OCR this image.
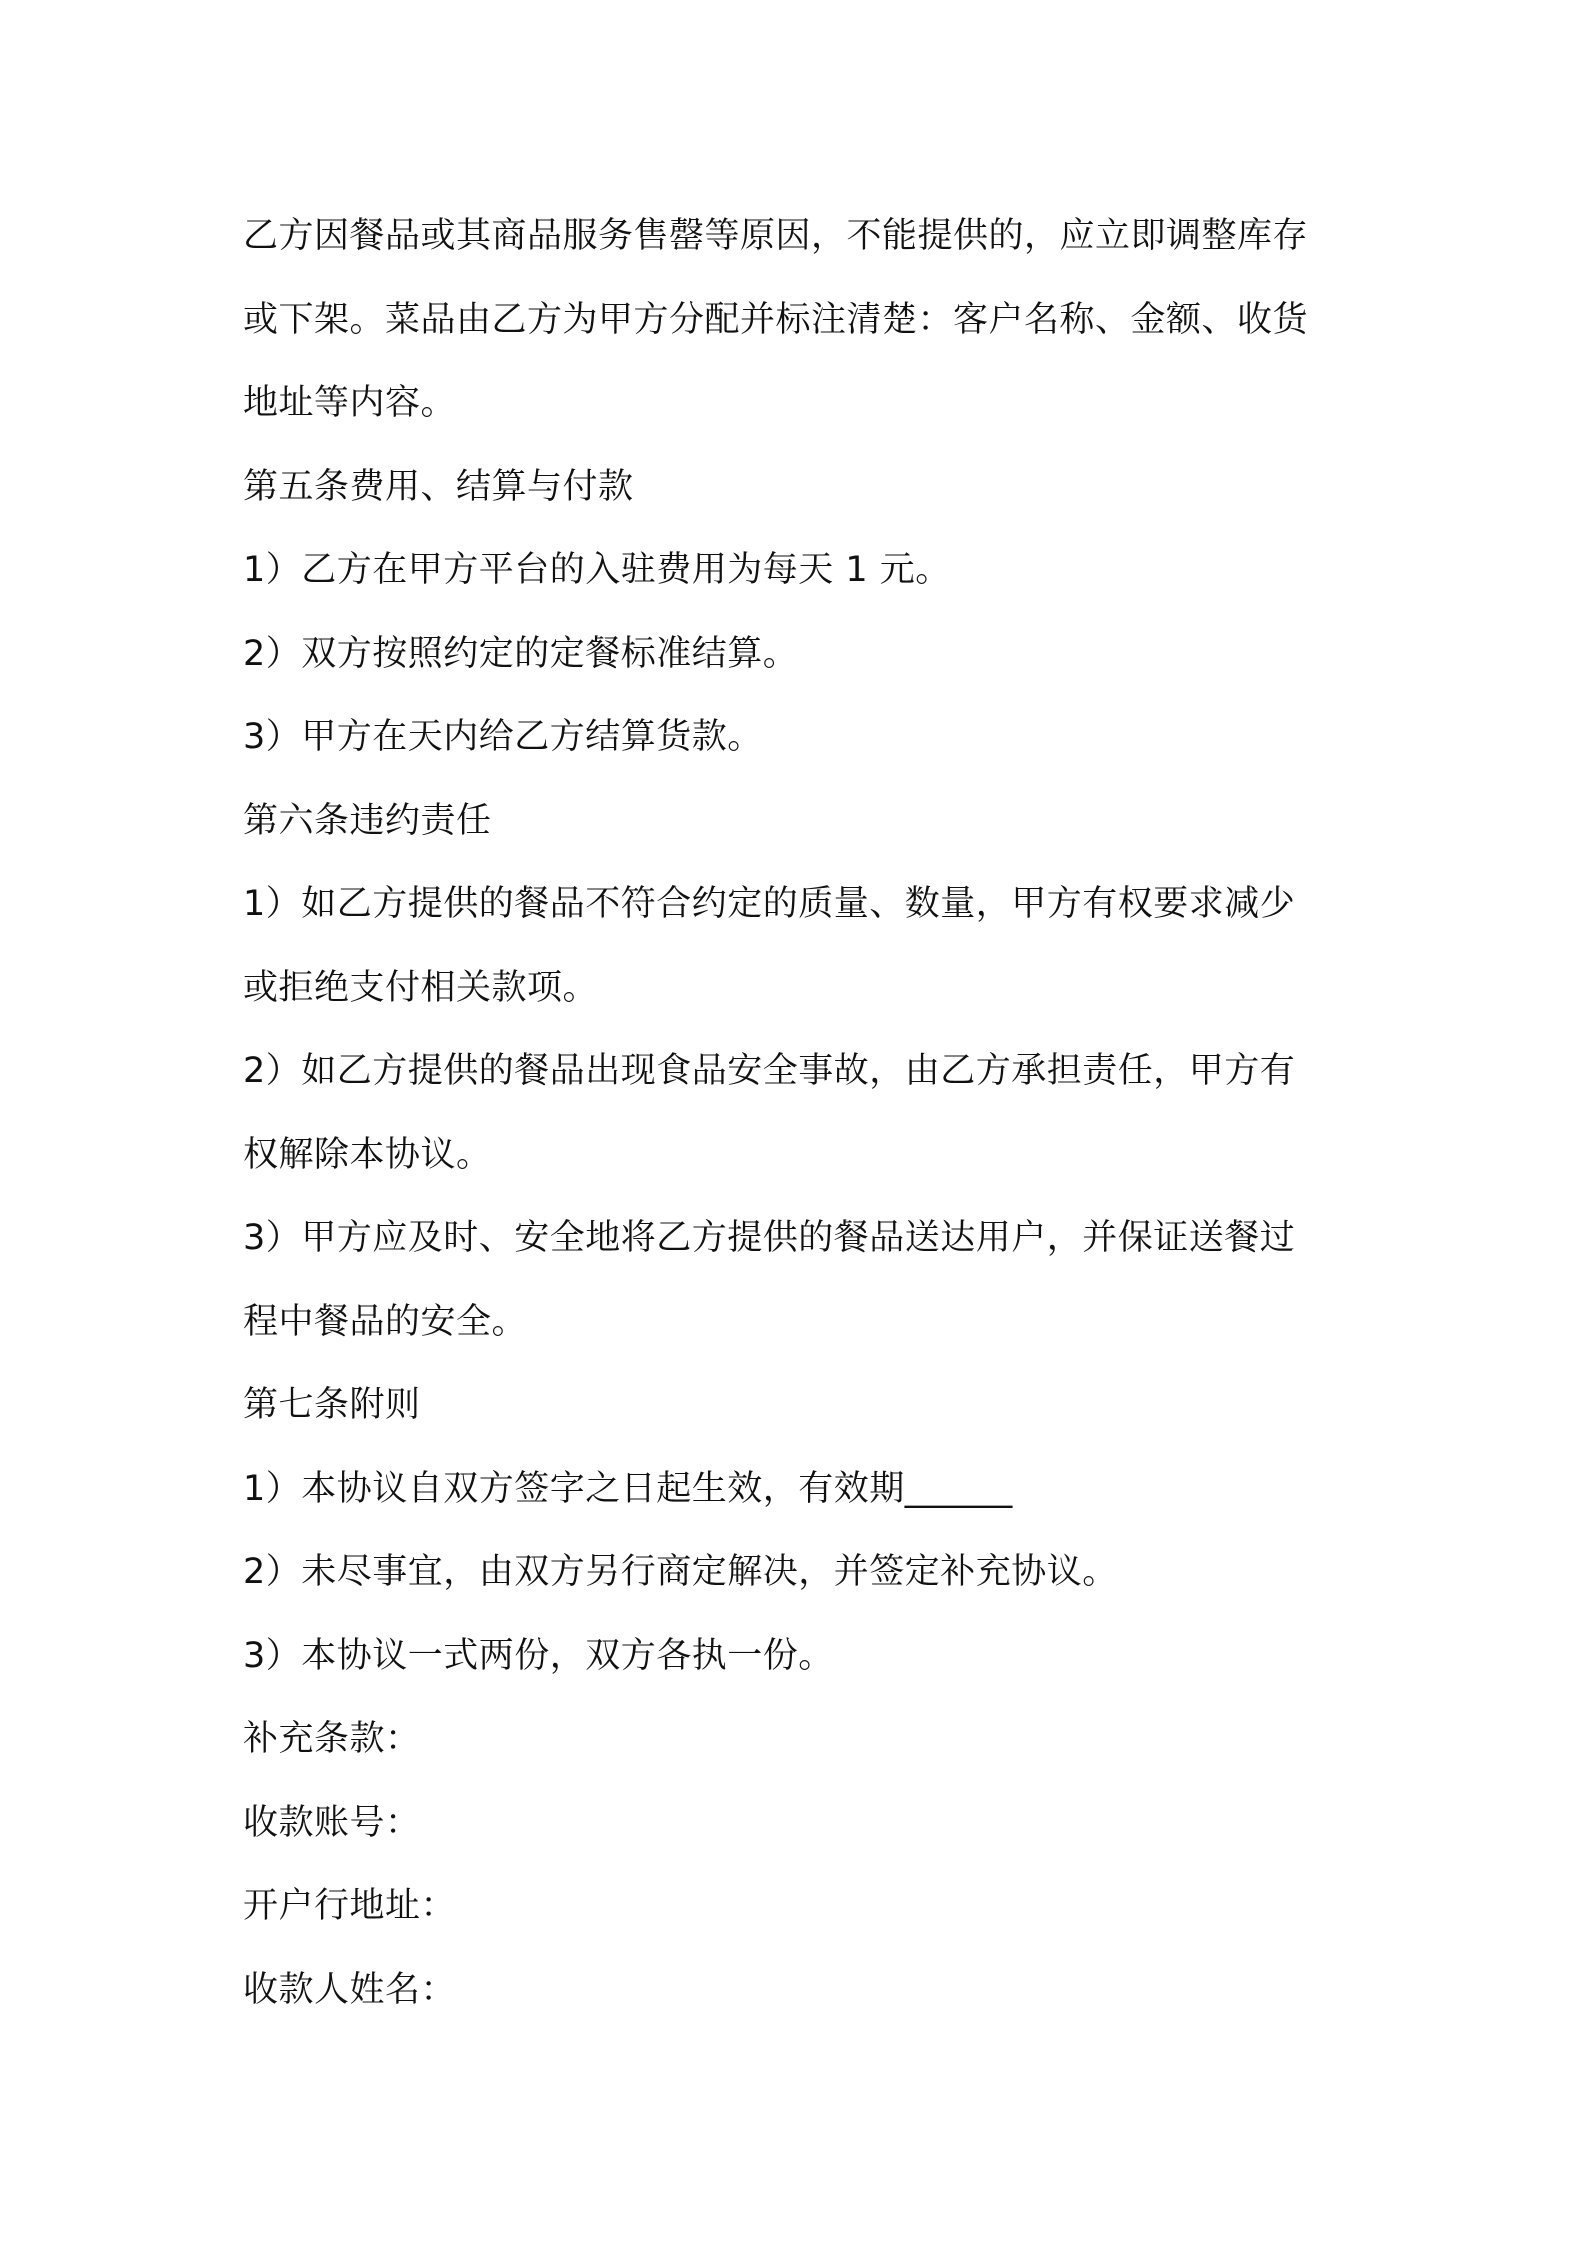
乙方因餐品或其商品服务售罄等原因，不能提供的，应立即调整库存
或下架。菜品由乙方为甲方分配并标注清楚：客户名称、金额、收货
地址等内容。
第五条费用、结算与付款
1）乙方在甲方平台的入驻费用为每天 1 元。
2）双方按照约定的定餐标准结算。
3）甲方在天内给乙方结算货款。
第六条违约责任
1）如乙方提供的餐品不符合约定的质量、数量，甲方有权要求减少
或拒绝支付相关款项。
2）如乙方提供的餐品出现食品安全事故，由乙方承担责任，甲方有
权解除本协议。
3）甲方应及时、安全地将乙方提供的餐品送达用户，并保证送餐过
程中餐品的安全。
第七条附则
1）本协议自双方签字之日起生效，有效期______
2）未尽事宜，由双方另行商定解决，并签定补充协议。
3）本协议一式两份，双方各执一份。
补充条款：
收款账号：
开户行地址：
收款人姓名：
